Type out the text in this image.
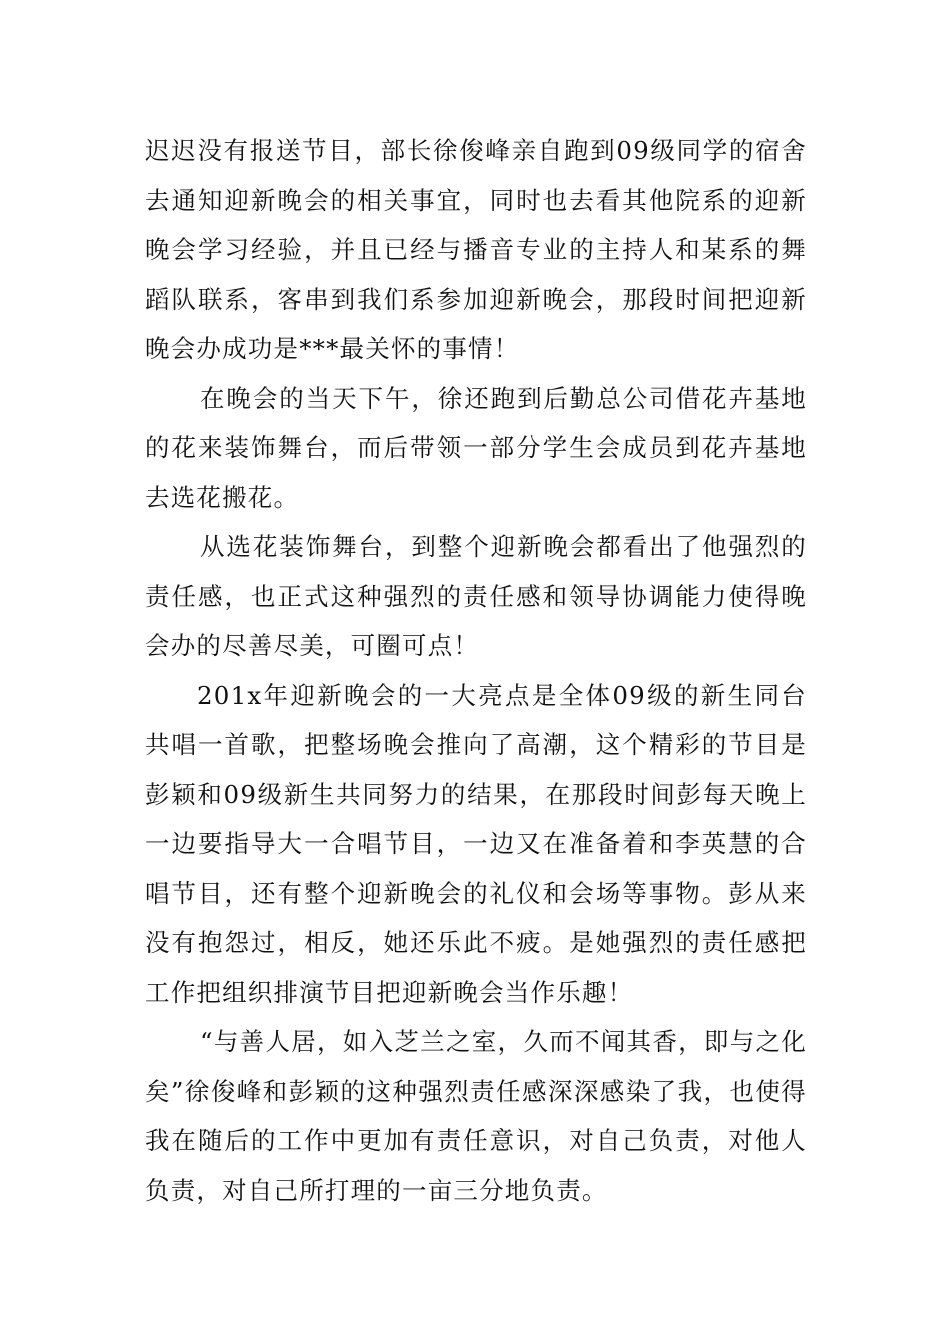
迟迟没有报送节目，部长徐俊峰亲自跑到09级同学的宿舍去通知迎新晚会的相关事宜，同时也去看其他院系的迎新晚会学习经验，并且已经与播音专业的主持人和某系的舞蹈队联系，客串到我们系参加迎新晚会，那段时间把迎新晚会办成功是***最关怀的事情！

在晚会的当天下午，徐还跑到后勤总公司借花卉基地的花来装饰舞台，而后带领一部分学生会成员到花卉基地去选花搬花。

从选花装饰舞台，到整个迎新晚会都看出了他强烈的责任感，也正式这种强烈的责任感和领导协调能力使得晚会办的尽善尽美，可圈可点！

201x年迎新晚会的一大亮点是全体09级的新生同台共唱一首歌，把整场晚会推向了高潮，这个精彩的节目是彭颖和09级新生共同努力的结果，在那段时间彭每天晚上一边要指导大一合唱节目，一边又在准备着和李英慧的合唱节目，还有整个迎新晚会的礼仪和会场等事物。彭从来没有抱怨过，相反，她还乐此不疲。是她强烈的责任感把工作把组织排演节目把迎新晚会当作乐趣！

“与善人居，如入芝兰之室，久而不闻其香，即与之化矣”徐俊峰和彭颖的这种强烈责任感深深感染了我，也使得我在随后的工作中更加有责任意识，对自己负责，对他人负责，对自己所打理的一亩三分地负责。
